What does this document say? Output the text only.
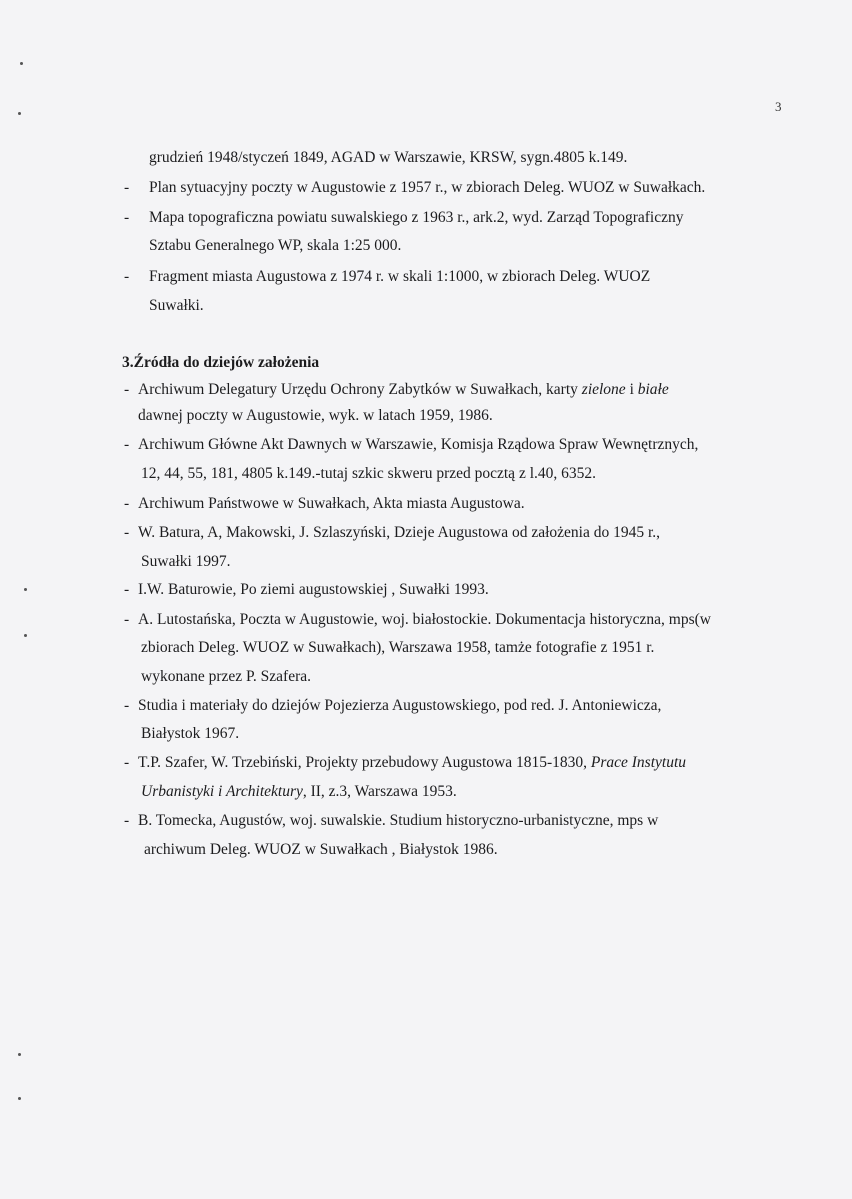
3
grudzień 1948/styczeń 1849, AGAD w Warszawie, KRSW, sygn.4805 k.149.
- Plan sytuacyjny poczty w Augustowie z 1957 r., w zbiorach Deleg. WUOZ w Suwałkach.
- Mapa topograficzna powiatu suwalskiego z 1963 r., ark.2, wyd. Zarząd Topograficzny
Sztabu Generalnego WP, skala 1:25 000.
- Fragment miasta Augustowa z 1974 r. w skali 1:1000, w zbiorach Deleg. WUOZ
Suwałki.
3.Źródła do dziejów założenia
- Archiwum Delegatury Urzędu Ochrony Zabytków w Suwałkach, karty zielone i białe
dawnej poczty w Augustowie, wyk. w latach 1959, 1986.
- Archiwum Główne Akt Dawnych w Warszawie, Komisja Rządowa Spraw Wewnętrznych,
12, 44, 55, 181, 4805 k.149.-tutaj szkic skweru przed pocztą z l.40, 6352.
- Archiwum Państwowe w Suwałkach, Akta miasta Augustowa.
- W. Batura, A, Makowski, J. Szlaszyński, Dzieje Augustowa od założenia do 1945 r.,
Suwałki 1997.
- I.W. Baturowie, Po ziemi augustowskiej , Suwałki 1993.
- A. Lutostańska, Poczta w Augustowie, woj. białostockie. Dokumentacja historyczna, mps(w
zbiorach Deleg. WUOZ w Suwałkach), Warszawa 1958, tamże fotografie z 1951 r.
wykonane przez P. Szafera.
- Studia i materiały do dziejów Pojezierza Augustowskiego, pod red. J. Antoniewicza,
Białystok 1967.
- T.P. Szafer, W. Trzebiński, Projekty przebudowy Augustowa 1815-1830, Prace Instytutu
Urbanistyki i Architektury, II, z.3, Warszawa 1953.
- B. Tomecka, Augustów, woj. suwalskie. Studium historyczno-urbanistyczne, mps w
archiwum Deleg. WUOZ w Suwałkach , Białystok 1986.
